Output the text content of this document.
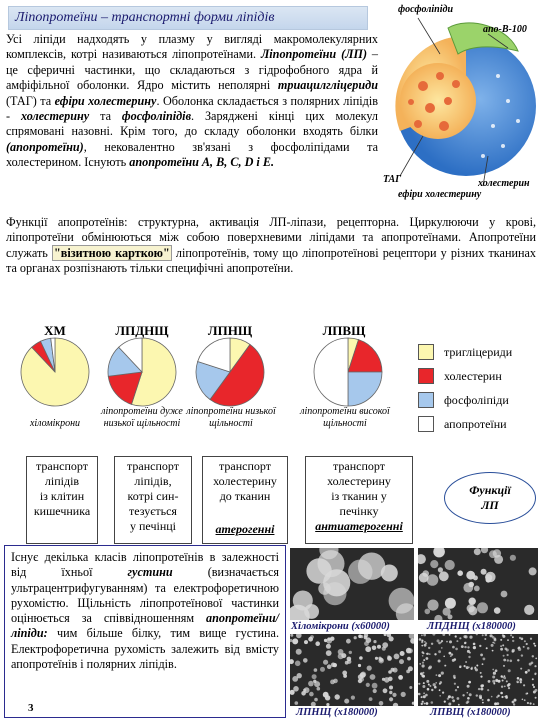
Ліпопротеїни – транспортні форми ліпідів
фосфоліпіди
апо-В-100
ТАГ	холестерин
ефіри холестерину
Усі ліпіди надходять у плазму у вигляді макромолекулярних комплексів, котрі називаються ліпопротеїнами. Ліпопротеїни (ЛП) – це сферичні частинки, що складаються з гідрофобного ядра й амфіфільної оболонки. Ядро містить неполярні триацилгліцериди (ТАГ) та ефіри холестерину. Оболонка складається з полярних ліпідів - холестерину та фосфоліпідів. Заряджені кінці цих молекул спрямовані назовні. Крім того, до складу оболонки входять білки (апопротеїни), нековалентно зв'язані з фосфоліпідами та холестерином. Існують апопротеїни А, В, С, D і Е.
Функції апопротеїнів: структурна, активація ЛП-ліпази, рецепторна. Циркулюючи у крові, ліпопротеїни обмінюються між собою поверхневими ліпідами та апопротеїнами. Апопротеїни служать "візитною карткою" ліпопротеїнів, тому що ліпопротеїнові рецептори у різних тканинах та органах розпізнають тільки специфічні апопротеїни.
ХМ	ЛПДНЩ	ЛПНЩ	ЛПВЩ
хіломікрони
ліпопротеїни дуже низької щільності
ліпопротеїни низької щільності
ліпопротеїни високої щільності
тригліцериди
холестерин
фосфоліпіди
апопротеїни
транспорт
ліпідів
із клітин
кишечника
транспорт
ліпідів,
котрі син-
тезується
у печінці
транспорт
холестерину
до тканин
атерогенні
транспорт
холестерину
із тканин у
печінку
антиатерогенні
Функції
ЛП
Існує декілька класів ліпопротеїнів в залежності від їхньої густини (визначається ультрацентрифугуванням) та електрофоретичною рухомістю. Щільність ліпопротеїнової частинки оцінюється за співвідношенням апопротеїни/ліпіди: чим більше білку, тим вище густина. Електрофоретична рухомість залежить від вмісту апопротеїнів і полярних ліпідів.
3
Хіломікрони (х60000)	ЛПДНЩ (х180000)
ЛПНЩ (х180000)	ЛПВЩ (х180000)
